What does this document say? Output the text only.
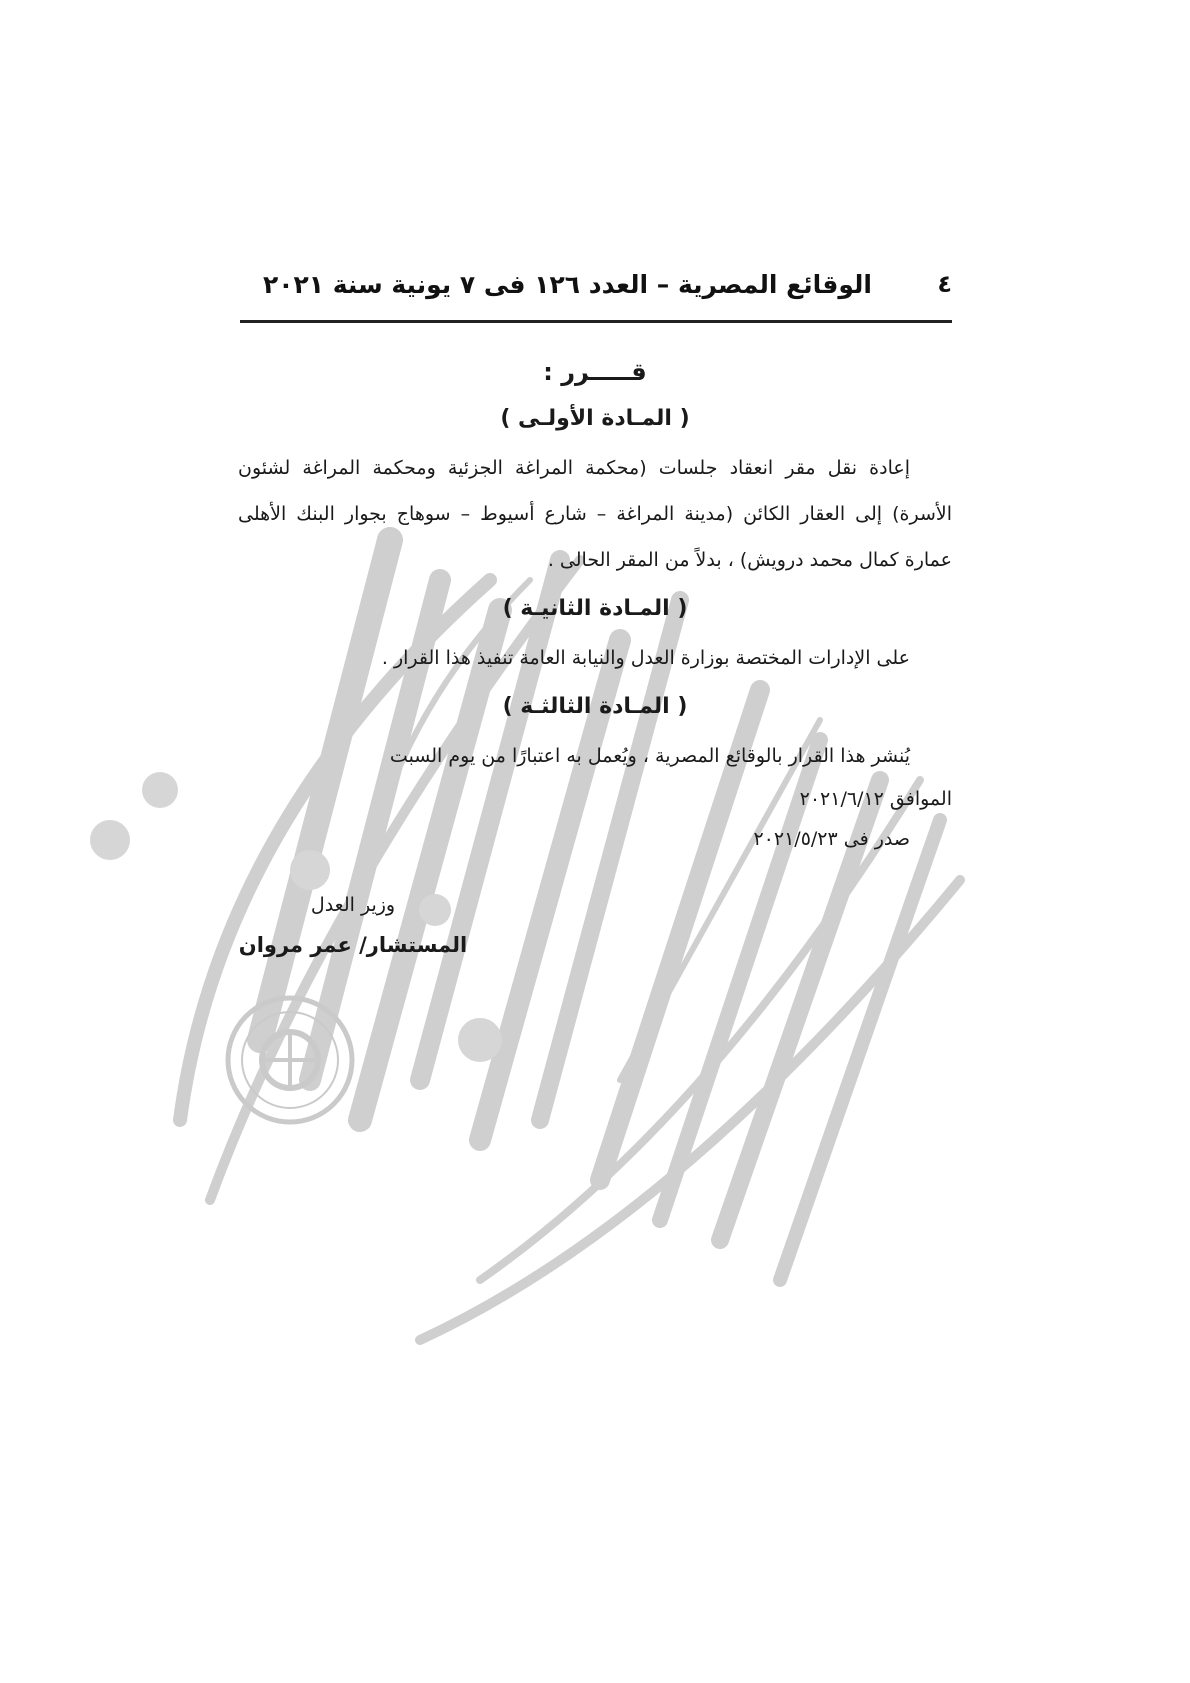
٤
الوقائع المصرية – العدد ١٢٦ فى ٧ يونية سنة ٢٠٢١
قـــــرر :
( المـادة الأولـى )

إعادة نقل مقر انعقاد جلسات (محكمة المراغة الجزئية ومحكمة المراغة لشئون الأسرة) إلى العقار الكائن (مدينة المراغة – شارع أسيوط – سوهاج بجوار البنك الأهلى عمارة كمال محمد درويش) ، بدلاً من المقر الحالى .

( المـادة الثانيـة )

على الإدارات المختصة بوزارة العدل والنيابة العامة تنفيذ هذا القرار .

( المـادة الثالثـة )

يُنشر هذا القرار بالوقائع المصرية ، ويُعمل به اعتبارًا من يوم السبت

الموافق ٢٠٢١/٦/١٢

صدر فى ٢٠٢١/٥/٢٣

وزير العدل
المستشار/ عمر مروان
